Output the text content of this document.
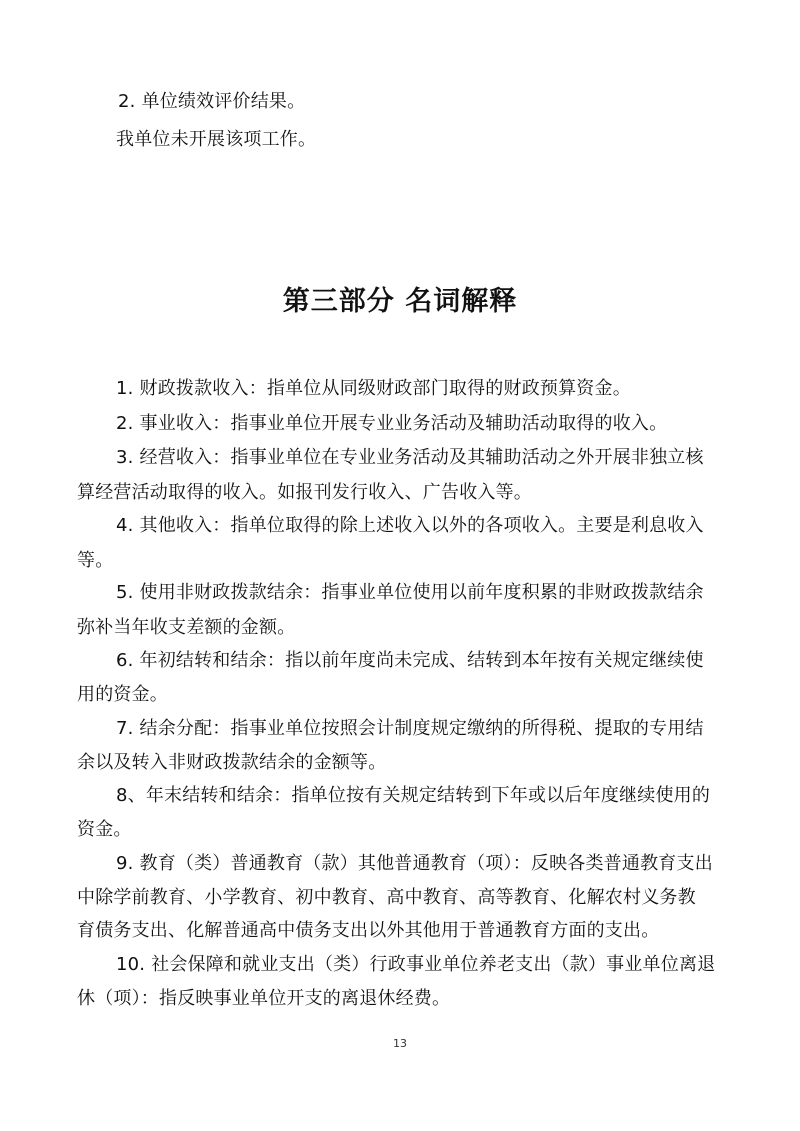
2. 单位绩效评价结果。
我单位未开展该项工作。
第三部分 名词解释
1. 财政拨款收入：指单位从同级财政部门取得的财政预算资金。
2. 事业收入：指事业单位开展专业业务活动及辅助活动取得的收入。
3. 经营收入：指事业单位在专业业务活动及其辅助活动之外开展非独立核
算经营活动取得的收入。如报刊发行收入、广告收入等。
4. 其他收入：指单位取得的除上述收入以外的各项收入。主要是利息收入
等。
5. 使用非财政拨款结余：指事业单位使用以前年度积累的非财政拨款结余
弥补当年收支差额的金额。
6. 年初结转和结余：指以前年度尚未完成、结转到本年按有关规定继续使
用的资金。
7. 结余分配：指事业单位按照会计制度规定缴纳的所得税、提取的专用结
余以及转入非财政拨款结余的金额等。
8、年末结转和结余：指单位按有关规定结转到下年或以后年度继续使用的
资金。
9. 教育（类）普通教育（款）其他普通教育（项）：反映各类普通教育支出
中除学前教育、小学教育、初中教育、高中教育、高等教育、化解农村义务教
育债务支出、化解普通高中债务支出以外其他用于普通教育方面的支出。
10. 社会保障和就业支出（类）行政事业单位养老支出（款）事业单位离退
休（项）：指反映事业单位开支的离退休经费。
13
